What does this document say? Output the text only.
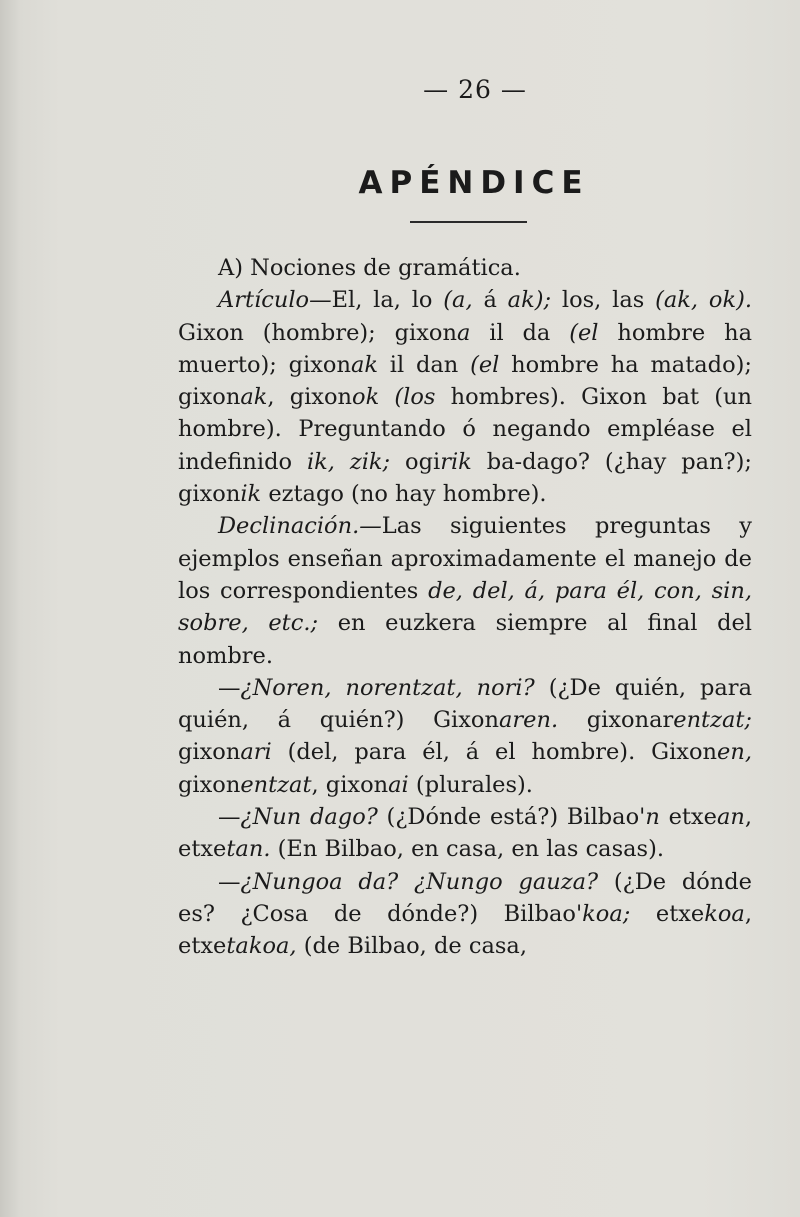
— 26 —
APÉNDICE

A) Nociones de gramática.

Artículo—El, la, lo (a, á ak); los, las (ak, ok). Gixon (hombre); gixona il da (el hombre ha muerto); gixonak il dan (el hombre ha matado); gixonak, gixonok (los hombres). Gixon bat (un hombre). Preguntando ó negando empléase el indefinido ik, zik; ogirik ba-dago? (¿hay pan?); gixonik eztago (no hay hombre).

Declinación.—Las siguientes preguntas y ejemplos enseñan aproximadamente el manejo de los correspondientes de, del, á, para él, con, sin, sobre, etc.; en euzkera siempre al final del nombre.

—¿Noren, norentzat, nori? (¿De quién, para quién, á quién?) Gixonaren. gixonarentzat; gixonari (del, para él, á el hombre). Gixonen, gixonentzat, gixonai (plurales).

—¿Nun dago? (¿Dónde está?) Bilbao'n etxean, etxetan. (En Bilbao, en casa, en las casas).

—¿Nungoa da? ¿Nungo gauza? (¿De dónde es? ¿Cosa de dónde?) Bilbao'koa; etxekoa, etxetakoa, (de Bilbao, de casa,
